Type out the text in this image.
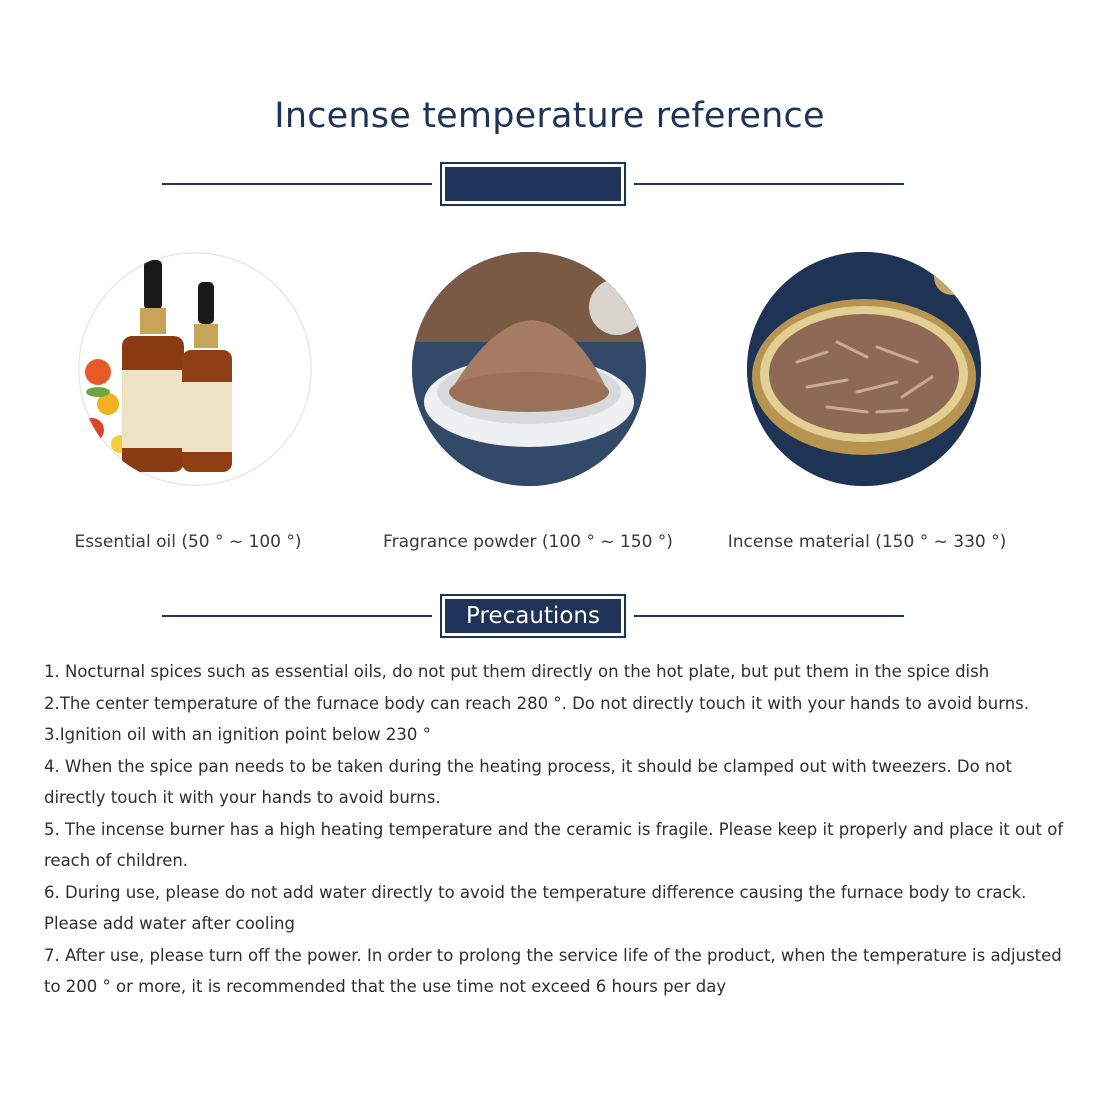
Incense temperature reference
Essential oil (50 ° ~ 100 °)	Fragrance powder (100 ° ~ 150 °)	Incense material (150 ° ~ 330 °)
Precautions

1. Nocturnal spices such as essential oils, do not put them directly on the hot plate, but put them in the spice dish

2.The center temperature of the furnace body can reach 280 °. Do not directly touch it with your hands to avoid burns.

3.Ignition oil with an ignition point below 230 °

4. When the spice pan needs to be taken during the heating process, it should be clamped out with tweezers. Do not directly touch it with your hands to avoid burns.

5. The incense burner has a high heating temperature and the ceramic is fragile. Please keep it properly and place it out of reach of children.

6. During use, please do not add water directly to avoid the temperature difference causing the furnace body to crack. Please add water after cooling

7. After use, please turn off the power. In order to prolong the service life of the product, when the temperature is adjusted to 200 ° or more, it is recommended that the use time not exceed 6 hours per day
